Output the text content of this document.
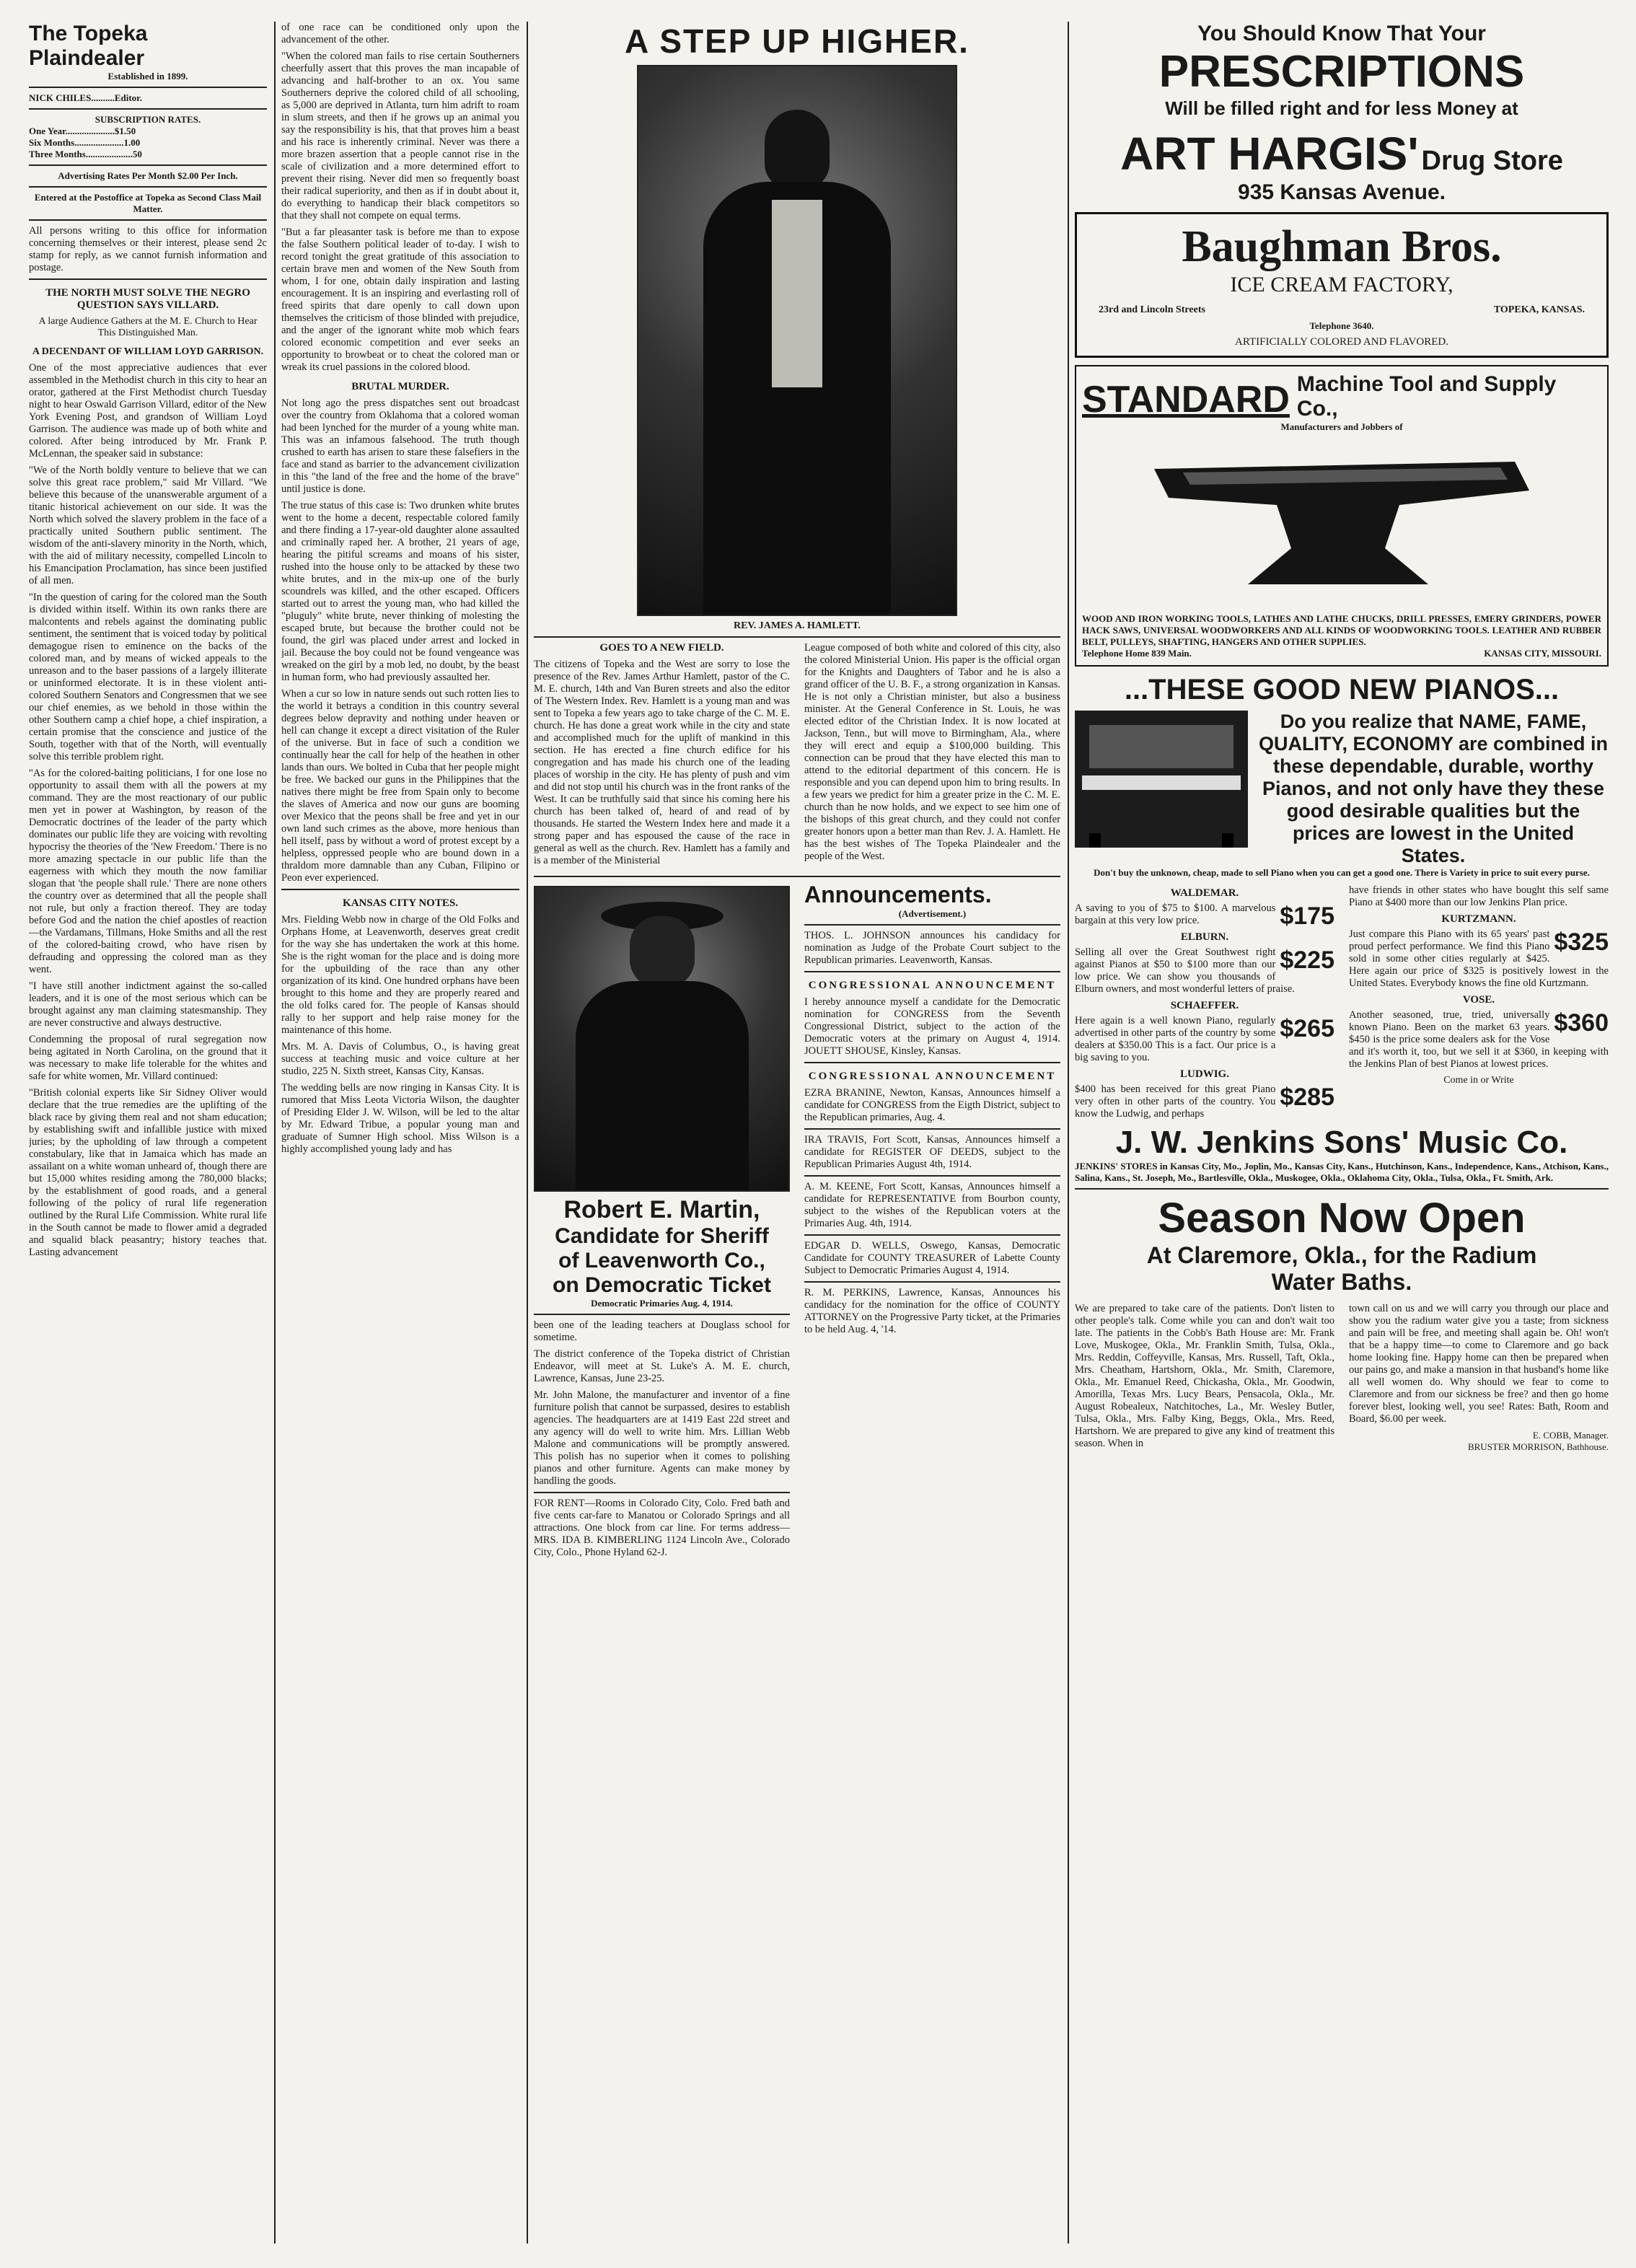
The Topeka Plaindealer
Established in 1899.
NICK CHILES..........Editor.
SUBSCRIPTION RATES.
One Year.....................$1.50
Six Months.....................1.00
Three Months....................50
Advertising Rates Per Month $2.00 Per Inch.
Entered at the Postoffice at Topeka as Second Class Mail Matter.

All persons writing to this office for information concerning themselves or their interest, please send 2c stamp for reply, as we cannot furnish information and postage.

THE NORTH MUST SOLVE THE NEGRO QUESTION SAYS VILLARD.
A large Audience Gathers at the M. E. Church to Hear This Distinguished Man.
A DECENDANT OF WILLIAM LOYD GARRISON.

One of the most appreciative audiences that ever assembled in the Methodist church in this city to hear an orator, gathered at the First Methodist church Tuesday night to hear Oswald Garrison Villard, editor of the New York Evening Post, and grandson of William Loyd Garrison. The audience was made up of both white and colored. After being introduced by Mr. Frank P. McLennan, the speaker said in substance:

"We of the North boldly venture to believe that we can solve this great race problem," said Mr Villard. "We believe this because of the unanswerable argument of a titanic historical achievement on our side. It was the North which solved the slavery problem in the face of a practically united Southern public sentiment. The wisdom of the anti-slavery minority in the North, which, with the aid of military necessity, compelled Lincoln to his Emancipation Proclamation, has since been justified of all men.

"In the question of caring for the colored man the South is divided within itself. Within its own ranks there are malcontents and rebels against the dominating public sentiment, the sentiment that is voiced today by political demagogue risen to eminence on the backs of the colored man, and by means of wicked appeals to the unreason and to the baser passions of a largely illiterate or uninformed electorate. It is in these violent anti-colored Southern Senators and Congressmen that we see our chief enemies, as we behold in those within the other Southern camp a chief hope, a chief inspiration, a certain promise that the conscience and justice of the South, together with that of the North, will eventually solve this terrible problem right.

"As for the colored-baiting politicians, I for one lose no opportunity to assail them with all the powers at my command. They are the most reactionary of our public men yet in power at Washington, by reason of the Democratic doctrines of the leader of the party which dominates our public life they are voicing with revolting hypocrisy the theories of the 'New Freedom.' There is no more amazing spectacle in our public life than the eagerness with which they mouth the now familiar slogan that 'the people shall rule.' There are none others the country over as determined that all the people shall not rule, but only a fraction thereof. They are today before God and the nation the chief apostles of reaction—the Vardamans, Tillmans, Hoke Smiths and all the rest of the colored-baiting crowd, who have risen by defrauding and oppressing the colored man as they went.

"I have still another indictment against the so-called leaders, and it is one of the most serious which can be brought against any man claiming statesmanship. They are never constructive and always destructive.

Condemning the proposal of rural segregation now being agitated in North Carolina, on the ground that it was necessary to make life tolerable for the whites and safe for white women, Mr. Villard continued:

"British colonial experts like Sir Sidney Oliver would declare that the true remedies are the uplifting of the black race by giving them real and not sham education; by establishing swift and infallible justice with mixed juries; by the upholding of law through a competent constabulary, like that in Jamaica which has made an assailant on a white woman unheard of, though there are but 15,000 whites residing among the 780,000 blacks; by the establishment of good roads, and a general following of the policy of rural life regeneration outlined by the Rural Life Commission. White rural life in the South cannot be made to flower amid a degraded and squalid black peasantry; history teaches that. Lasting advancement

of one race can be conditioned only upon the advancement of the other.

"When the colored man fails to rise certain Southerners cheerfully assert that this proves the man incapable of advancing and half-brother to an ox. You same Southerners deprive the colored child of all schooling, as 5,000 are deprived in Atlanta, turn him adrift to roam in slum streets, and then if he grows up an animal you say the responsibility is his, that that proves him a beast and his race is inherently criminal. Never was there a more brazen assertion that a people cannot rise in the scale of civilization and a more determined effort to prevent their rising. Never did men so frequently boast their radical superiority, and then as if in doubt about it, do everything to handicap their black competitors so that they shall not compete on equal terms.

"But a far pleasanter task is before me than to expose the false Southern political leader of to-day. I wish to record tonight the great gratitude of this association to certain brave men and women of the New South from whom, I for one, obtain daily inspiration and lasting encouragement. It is an inspiring and everlasting roll of freed spirits that dare openly to call down upon themselves the criticism of those blinded with prejudice, and the anger of the ignorant white mob which fears colored economic competition and ever seeks an opportunity to browbeat or to cheat the colored man or wreak its cruel passions in the colored blood.

BRUTAL MURDER.

Not long ago the press dispatches sent out broadcast over the country from Oklahoma that a colored woman had been lynched for the murder of a young white man. This was an infamous falsehood. The truth though crushed to earth has arisen to stare these falsefiers in the face and stand as barrier to the advancement civilization in this "the land of the free and the home of the brave" until justice is done.

The true status of this case is: Two drunken white brutes went to the home a decent, respectable colored family and there finding a 17-year-old daughter alone assaulted and criminally raped her. A brother, 21 years of age, hearing the pitiful screams and moans of his sister, rushed into the house only to be attacked by these two white brutes, and in the mix-up one of the burly scoundrels was killed, and the other escaped. Officers started out to arrest the young man, who had killed the "pluguly" white brute, never thinking of molesting the escaped brute, but because the brother could not be found, the girl was placed under arrest and locked in jail. Because the boy could not be found vengeance was wreaked on the girl by a mob led, no doubt, by the beast in human form, who had previously assaulted her.

When a cur so low in nature sends out such rotten lies to the world it betrays a condition in this country several degrees below depravity and nothing under heaven or hell can change it except a direct visitation of the Ruler of the universe. But in face of such a condition we continually hear the call for help of the heathen in other lands than ours. We bolted in Cuba that her people might be free. We backed our guns in the Philippines that the natives there might be free from Spain only to become the slaves of America and now our guns are booming over Mexico that the peons shall be free and yet in our own land such crimes as the above, more henious than hell itself, pass by without a word of protest except by a helpless, oppressed people who are bound down in a thraldom more damnable than any Cuban, Filipino or Peon ever experienced.

KANSAS CITY NOTES.

Mrs. Fielding Webb now in charge of the Old Folks and Orphans Home, at Leavenworth, deserves great credit for the way she has undertaken the work at this home. She is the right woman for the place and is doing more for the upbuilding of the race than any other organization of its kind. One hundred orphans have been brought to this home and they are properly reared and the old folks cared for. The people of Kansas should rally to her support and help raise money for the maintenance of this home.

Mrs. M. A. Davis of Columbus, O., is having great success at teaching music and voice culture at her studio, 225 N. Sixth street, Kansas City, Kansas.

The wedding bells are now ringing in Kansas City. It is rumored that Miss Leota Victoria Wilson, the daughter of Presiding Elder J. W. Wilson, will be led to the altar by Mr. Edward Tribue, a popular young man and graduate of Sumner High school. Miss Wilson is a highly accomplished young lady and has

A STEP UP HIGHER.
REV. JAMES A. HAMLETT.
GOES TO A NEW FIELD.

The citizens of Topeka and the West are sorry to lose the presence of the Rev. James Arthur Hamlett, pastor of the C. M. E. church, 14th and Van Buren streets and also the editor of The Western Index. Rev. Hamlett is a young man and was sent to Topeka a few years ago to take charge of the C. M. E. church. He has done a great work while in the city and state and accomplished much for the uplift of mankind in this section. He has erected a fine church edifice for his congregation and has made his church one of the leading places of worship in the city. He has plenty of push and vim and did not stop until his church was in the front ranks of the West. It can be truthfully said that since his coming here his church has been talked of, heard of and read of by thousands. He started the Western Index here and made it a strong paper and has espoused the cause of the race in general as well as the church. Rev. Hamlett has a family and is a member of the Ministerial

League composed of both white and colored of this city, also the colored Ministerial Union. His paper is the official organ for the Knights and Daughters of Tabor and he is also a grand officer of the U. B. F., a strong organization in Kansas. He is not only a Christian minister, but also a business minister. At the General Conference in St. Louis, he was elected editor of the Christian Index. It is now located at Jackson, Tenn., but will move to Birmingham, Ala., where they will erect and equip a $100,000 building. This connection can be proud that they have elected this man to attend to the editorial department of this concern. He is responsible and you can depend upon him to bring results. In a few years we predict for him a greater prize in the C. M. E. church than he now holds, and we expect to see him one of the bishops of this great church, and they could not confer greater honors upon a better man than Rev. J. A. Hamlett. He has the best wishes of The Topeka Plaindealer and the people of the West.

Robert E. Martin,
Candidate for Sheriff
of Leavenworth Co.,
on Democratic Ticket
Democratic Primaries Aug. 4, 1914.

been one of the leading teachers at Douglass school for sometime.

The district conference of the Topeka district of Christian Endeavor, will meet at St. Luke's A. M. E. church, Lawrence, Kansas, June 23-25.

Mr. John Malone, the manufacturer and inventor of a fine furniture polish that cannot be surpassed, desires to establish agencies. The headquarters are at 1419 East 22d street and any agency will do well to write him. Mrs. Lillian Webb Malone and communications will be promptly answered. This polish has no superior when it comes to polishing pianos and other furniture. Agents can make money by handling the goods.

FOR RENT—Rooms in Colorado City, Colo. Fred bath and five cents car-fare to Manatou or Colorado Springs and all attractions. One block from car line. For terms address—MRS. IDA B. KIMBERLING 1124 Lincoln Ave., Colorado City, Colo., Phone Hyland 62-J.

Announcements.
(Advertisement.)

THOS. L. JOHNSON announces his candidacy for nomination as Judge of the Probate Court subject to the Republican primaries. Leavenworth, Kansas.

CONGRESSIONAL ANNOUNCEMENT

I hereby announce myself a candidate for the Democratic nomination for CONGRESS from the Seventh Congressional District, subject to the action of the Democratic voters at the primary on August 4, 1914. JOUETT SHOUSE, Kinsley, Kansas.

CONGRESSIONAL ANNOUNCEMENT

EZRA BRANINE, Newton, Kansas, Announces himself a candidate for CONGRESS from the Eigth District, subject to the Republican primaries, Aug. 4.

IRA TRAVIS, Fort Scott, Kansas, Announces himself a candidate for REGISTER OF DEEDS, subject to the Republican Primaries August 4th, 1914.

A. M. KEENE, Fort Scott, Kansas, Announces himself a candidate for REPRESENTATIVE from Bourbon county, subject to the wishes of the Republican voters at the Primaries Aug. 4th, 1914.

EDGAR D. WELLS, Oswego, Kansas, Democratic Candidate for COUNTY TREASURER of Labette County Subject to Democratic Primaries August 4, 1914.

R. M. PERKINS, Lawrence, Kansas, Announces his candidacy for the nomination for the office of COUNTY ATTORNEY on the Progressive Party ticket, at the Primaries to be held Aug. 4, '14.

You Should Know That Your
PRESCRIPTIONS
Will be filled right and for less Money at
ART HARGIS' Drug Store
935 Kansas Avenue.
Baughman Bros.
ICE CREAM FACTORY,
23rd and Lincoln Streets	TOPEKA, KANSAS.
Telephone 3640.
ARTIFICIALLY COLORED AND FLAVORED.
STANDARD Machine Tool and Supply Co.,
Manufacturers and Jobbers of
WOOD AND IRON WORKING TOOLS, LATHES AND LATHE CHUCKS, DRILL PRESSES, EMERY GRINDERS, POWER HACK SAWS, UNIVERSAL WOODWORKERS AND ALL KINDS OF WOODWORKING TOOLS. LEATHER AND RUBBER BELT, PULLEYS, SHAFTING, HANGERS AND OTHER SUPPLIES.
Telephone Home 839 Main.	KANSAS CITY, MISSOURI.
...THESE GOOD NEW PIANOS...
Do you realize that NAME, FAME, QUALITY, ECONOMY are combined in these dependable, durable, worthy Pianos, and not only have they these good desirable qualities but the prices are lowest in the United States.
Don't buy the unknown, cheap, made to sell Piano when you can get a good one. There is Variety in price to suit every purse.
WALDEMAR.
$175

A saving to you of $75 to $100. A marvelous bargain at this very low price.

ELBURN.
$225

Selling all over the Great Southwest right against Pianos at $50 to $100 more than our low price. We can show you thousands of Elburn owners, and most wonderful letters of praise.

SCHAEFFER.
$265

Here again is a well known Piano, regularly advertised in other parts of the country by some dealers at $350.00 This is a fact. Our price is a big saving to you.

LUDWIG.
$285

$400 has been received for this great Piano very often in other parts of the country. You know the Ludwig, and perhaps

have friends in other states who have bought this self same Piano at $400 more than our low Jenkins Plan price.

KURTZMANN.
$325

Just compare this Piano with its 65 years' past proud perfect performance. We find this Piano sold in some other cities regularly at $425. Here again our price of $325 is positively lowest in the United States. Everybody knows the fine old Kurtzmann.

VOSE.
$360

Another seasoned, true, tried, universally known Piano. Been on the market 63 years. $450 is the price some dealers ask for the Vose and it's worth it, too, but we sell it at $360, in keeping with the Jenkins Plan of best Pianos at lowest prices.

Come in or Write
J. W. Jenkins Sons' Music Co.
JENKINS' STORES in Kansas City, Mo., Joplin, Mo., Kansas City, Kans., Hutchinson, Kans., Independence, Kans., Atchison, Kans., Salina, Kans., St. Joseph, Mo., Bartlesville, Okla., Muskogee, Okla., Oklahoma City, Okla., Tulsa, Okla., Ft. Smith, Ark.
Season Now Open
At Claremore, Okla., for the Radium Water Baths.

We are prepared to take care of the patients. Don't listen to other people's talk. Come while you can and don't wait too late. The patients in the Cobb's Bath House are: Mr. Frank Love, Muskogee, Okla., Mr. Franklin Smith, Tulsa, Okla., Mrs. Reddin, Coffeyville, Kansas, Mrs. Russell, Taft, Okla., Mrs. Cheatham, Hartshorn, Okla., Mr. Smith, Claremore, Okla., Mr. Emanuel Reed, Chickasha, Okla., Mr. Goodwin, Amorilla, Texas Mrs. Lucy Bears, Pensacola, Okla., Mr. August Robealeux, Natchitoches, La., Mr. Wesley Butler, Tulsa, Okla., Mrs. Falby King, Beggs, Okla., Mrs. Reed, Hartshorn. We are prepared to give any kind of treatment this season. When in

town call on us and we will carry you through our place and show you the radium water give you a taste; from sickness and pain will be free, and meeting shall again be. Oh! won't that be a happy time—to come to Claremore and go back home looking fine. Happy home can then be prepared when our pains go, and make a mansion in that husband's home like all well women do. Why should we fear to come to Claremore and from our sickness be free? and then go home forever blest, looking well, you see! Rates: Bath, Room and Board, $6.00 per week.

E. COBB, Manager.
BRUSTER MORRISON, Bathhouse.
